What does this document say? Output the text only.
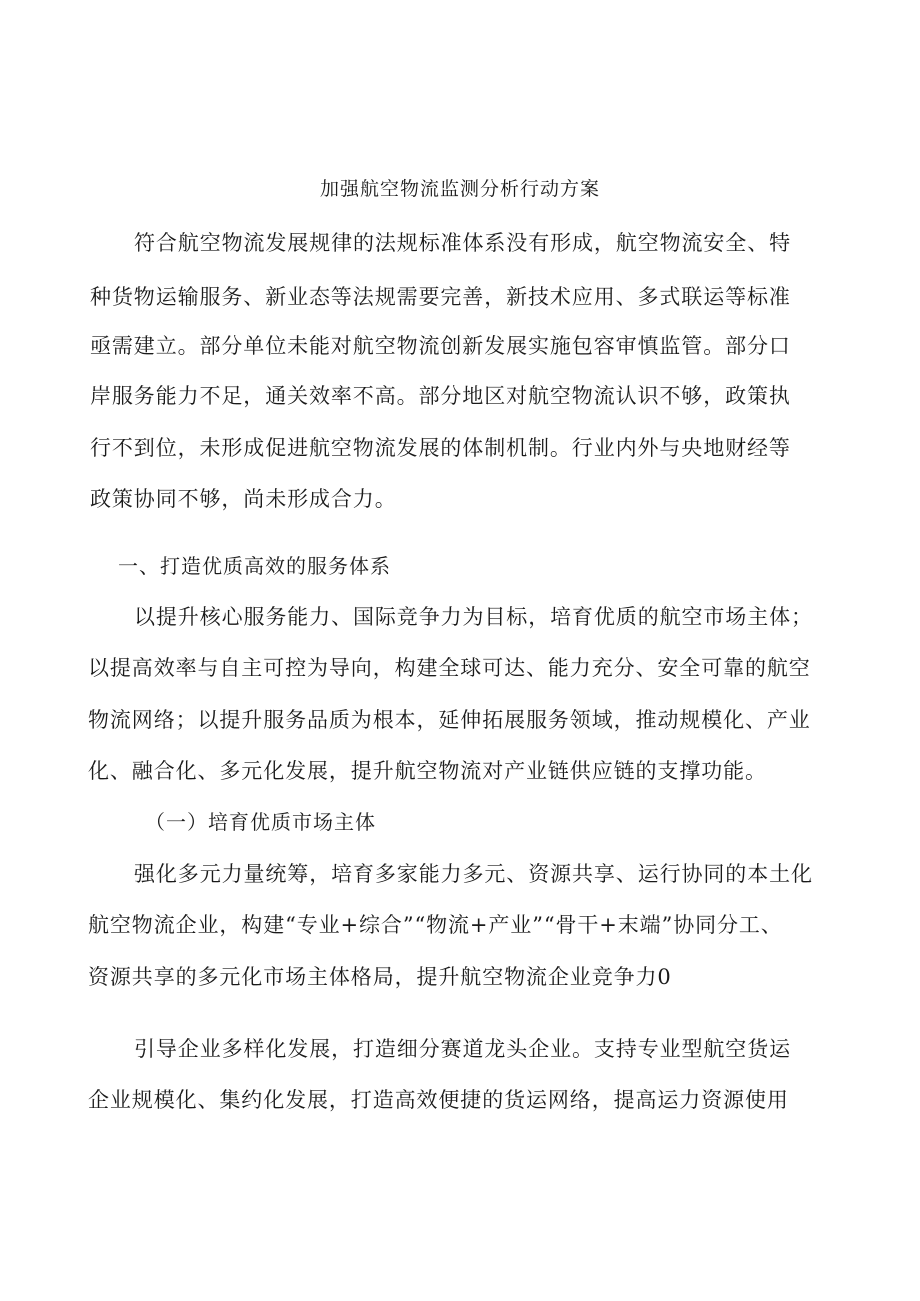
加强航空物流监测分析行动方案
符合航空物流发展规律的法规标准体系没有形成，航空物流安全、特
种货物运输服务、新业态等法规需要完善，新技术应用、多式联运等标准
亟需建立。部分单位未能对航空物流创新发展实施包容审慎监管。部分口
岸服务能力不足，通关效率不高。部分地区对航空物流认识不够，政策执
行不到位，未形成促进航空物流发展的体制机制。行业内外与央地财经等
政策协同不够，尚未形成合力。
一、打造优质高效的服务体系
以提升核心服务能力、国际竞争力为目标，培育优质的航空市场主体；
以提高效率与自主可控为导向，构建全球可达、能力充分、安全可靠的航空
物流网络；以提升服务品质为根本，延伸拓展服务领域，推动规模化、产业
化、融合化、多元化发展，提升航空物流对产业链供应链的支撑功能。
（一）培育优质市场主体
强化多元力量统筹，培育多家能力多元、资源共享、运行协同的本土化
航空物流企业，构建“专业+综合”“物流+产业”“骨干+末端”协同分工、
资源共享的多元化市场主体格局，提升航空物流企业竞争力0
引导企业多样化发展，打造细分赛道龙头企业。支持专业型航空货运
企业规模化、集约化发展，打造高效便捷的货运网络，提高运力资源使用
